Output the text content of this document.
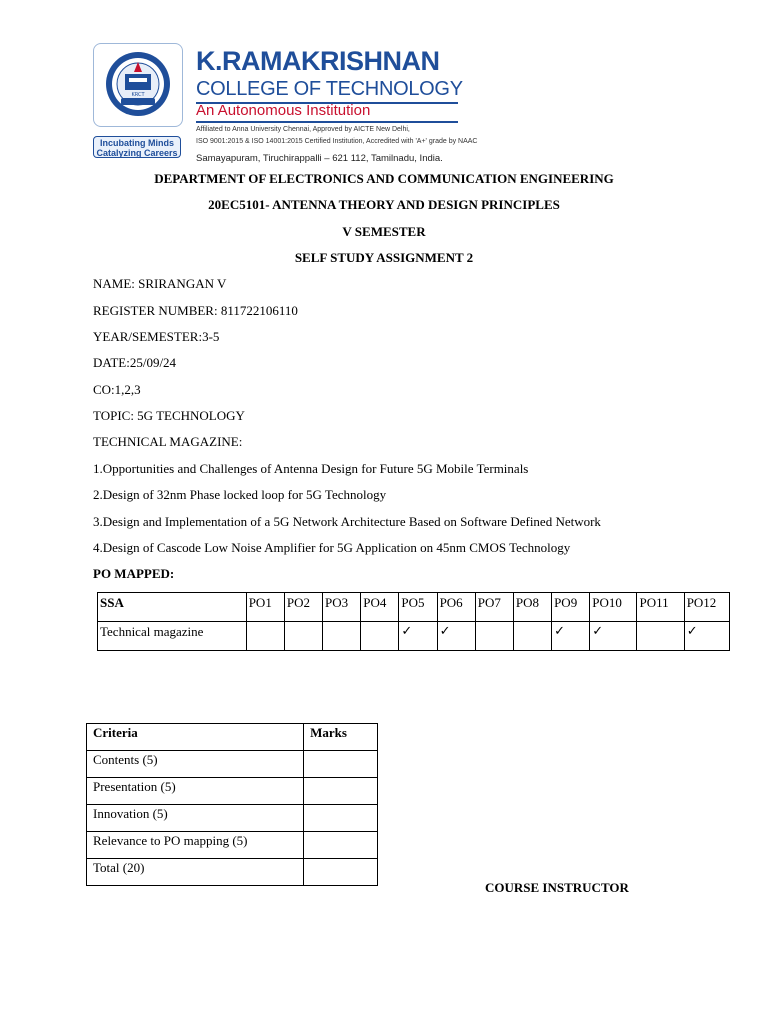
KRCT
Incubating Minds
Catalyzing Careers
K.RAMAKRISHNAN
COLLEGE OF TECHNOLOGY
An Autonomous Institution
Affiliated to Anna University Chennai, Approved by AICTE New Delhi,
ISO 9001:2015 & ISO 14001:2015 Certified Institution, Accredited with 'A+' grade by NAAC
Samayapuram, Tiruchirappalli – 621 112, Tamilnadu, India.
DEPARTMENT OF ELECTRONICS AND COMMUNICATION ENGINEERING
20EC5101- ANTENNA THEORY AND DESIGN PRINCIPLES
V SEMESTER
SELF STUDY ASSIGNMENT 2
NAME: SRIRANGAN V
REGISTER NUMBER: 811722106110
YEAR/SEMESTER:3-5
DATE:25/09/24
CO:1,2,3
TOPIC: 5G TECHNOLOGY
TECHNICAL MAGAZINE:
1.Opportunities and Challenges of Antenna Design for Future 5G Mobile Terminals
2.Design of 32nm Phase locked loop for 5G Technology
3.Design and Implementation of a 5G Network Architecture Based on Software Defined Network
4.Design of Cascode Low Noise Amplifier for 5G Application on 45nm CMOS Technology
PO MAPPED:
SSA	PO1	PO2	PO3	PO4	PO5	PO6	PO7	PO8	PO9	PO10	PO11	PO12
Technical magazine					✓	✓			✓	✓		✓
Criteria	Marks
Contents (5)	
Presentation (5)	
Innovation (5)	
Relevance to PO mapping (5)	
Total (20)	
COURSE INSTRUCTOR
